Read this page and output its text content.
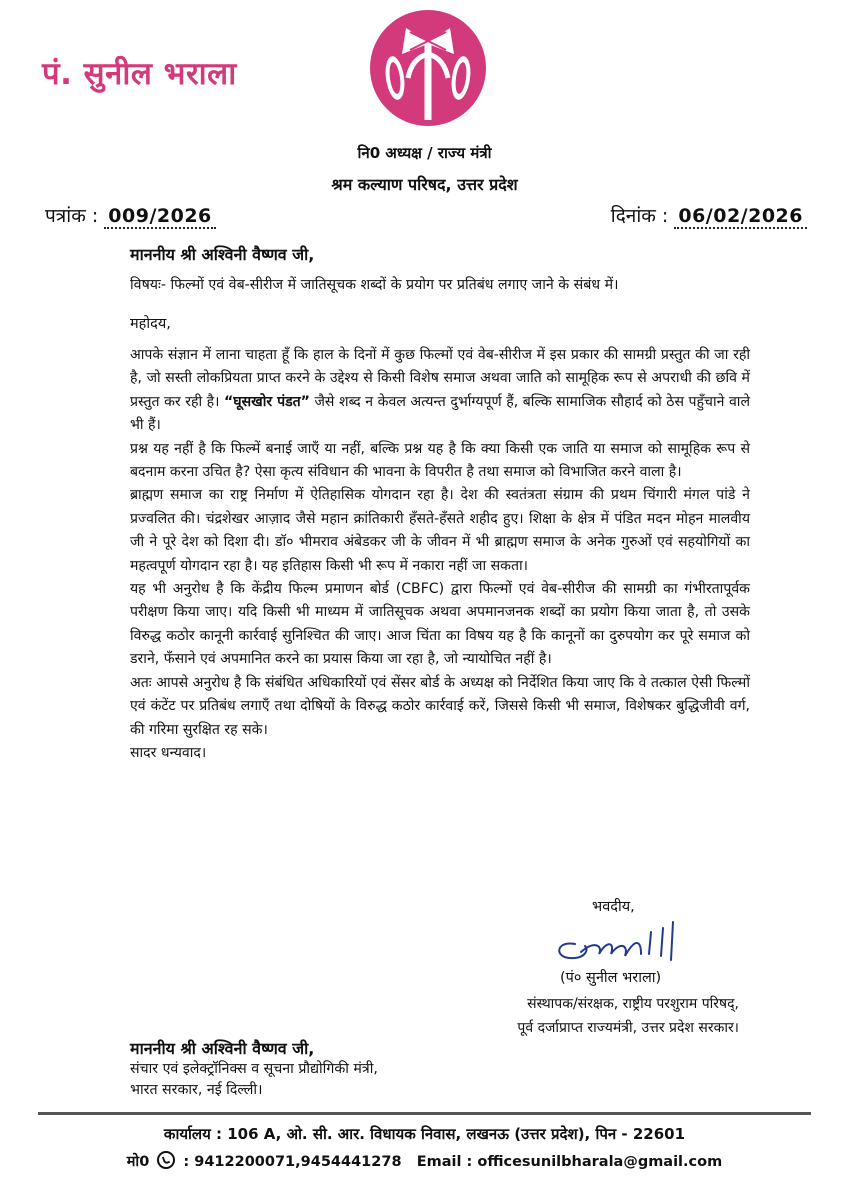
पं. सुनील भराला
नि0 अध्यक्ष / राज्य मंत्री
श्रम कल्याण परिषद, उत्तर प्रदेश
पत्रांक : 009/2026	दिनांक : 06/02/2026
माननीय श्री अश्विनी वैष्णव जी,
विषयः- फिल्मों एवं वेब-सीरीज में जातिसूचक शब्दों के प्रयोग पर प्रतिबंध लगाए जाने के संबंध में।
महोदय,

आपके संज्ञान में लाना चाहता हूँ कि हाल के दिनों में कुछ फिल्मों एवं वेब-सीरीज में इस प्रकार की सामग्री प्रस्तुत की जा रही है, जो सस्ती लोकप्रियता प्राप्त करने के उद्देश्य से किसी विशेष समाज अथवा जाति को सामूहिक रूप से अपराधी की छवि में प्रस्तुत कर रही है। “घूसखोर पंडत” जैसे शब्द न केवल अत्यन्त दुर्भाग्यपूर्ण हैं, बल्कि सामाजिक सौहार्द को ठेस पहुँचाने वाले भी हैं।

प्रश्न यह नहीं है कि फिल्में बनाई जाएँ या नहीं, बल्कि प्रश्न यह है कि क्या किसी एक जाति या समाज को सामूहिक रूप से बदनाम करना उचित है? ऐसा कृत्य संविधान की भावना के विपरीत है तथा समाज को विभाजित करने वाला है।

ब्राह्मण समाज का राष्ट्र निर्माण में ऐतिहासिक योगदान रहा है। देश की स्वतंत्रता संग्राम की प्रथम चिंगारी मंगल पांडे ने प्रज्वलित की। चंद्रशेखर आज़ाद जैसे महान क्रांतिकारी हँसते-हँसते शहीद हुए। शिक्षा के क्षेत्र में पंडित मदन मोहन मालवीय जी ने पूरे देश को दिशा दी। डॉ० भीमराव अंबेडकर जी के जीवन में भी ब्राह्मण समाज के अनेक गुरुओं एवं सहयोगियों का महत्वपूर्ण योगदान रहा है। यह इतिहास किसी भी रूप में नकारा नहीं जा सकता।

यह भी अनुरोध है कि केंद्रीय फिल्म प्रमाणन बोर्ड (CBFC) द्वारा फिल्मों एवं वेब-सीरीज की सामग्री का गंभीरतापूर्वक परीक्षण किया जाए। यदि किसी भी माध्यम में जातिसूचक अथवा अपमानजनक शब्दों का प्रयोग किया जाता है, तो उसके विरुद्ध कठोर कानूनी कार्रवाई सुनिश्चित की जाए। आज चिंता का विषय यह है कि कानूनों का दुरुपयोग कर पूरे समाज को डराने, फँसाने एवं अपमानित करने का प्रयास किया जा रहा है, जो न्यायोचित नहीं है।

अतः आपसे अनुरोध है कि संबंधित अधिकारियों एवं सेंसर बोर्ड के अध्यक्ष को निर्देशित किया जाए कि वे तत्काल ऐसी फिल्मों एवं कंटेंट पर प्रतिबंध लगाएँ तथा दोषियों के विरुद्ध कठोर कार्रवाई करें, जिससे किसी भी समाज, विशेषकर बुद्धिजीवी वर्ग, की गरिमा सुरक्षित रह सके।

सादर धन्यवाद।

भवदीय,
(पं० सुनील भराला)
संस्थापक/संरक्षक, राष्ट्रीय परशुराम परिषद्,
पूर्व दर्जाप्राप्त राज्यमंत्री, उत्तर प्रदेश सरकार।
माननीय श्री अश्विनी वैष्णव जी,
संचार एवं इलेक्ट्रॉनिक्स व सूचना प्रौद्योगिकी मंत्री,
भारत सरकार, नई दिल्ली।
कार्यालय : 106 A, ओ. सी. आर. विधायक निवास, लखनऊ (उत्तर प्रदेश), पिन - 22601
मो0 : 9412200071,9454441278 Email : officesunilbharala@gmail.com
